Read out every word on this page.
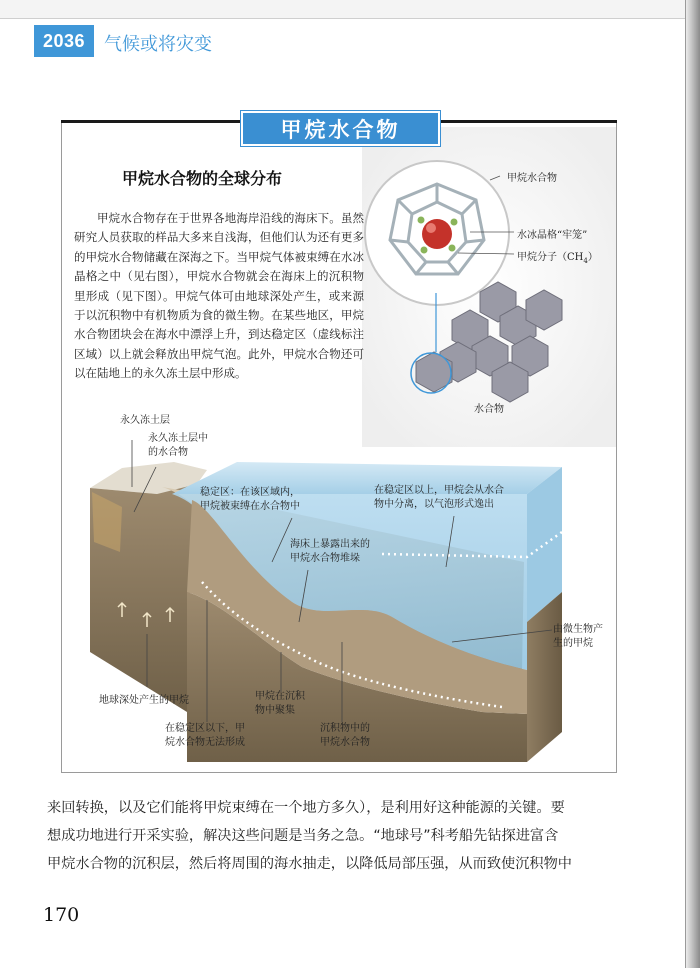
2036	气候或将灾变
甲烷水合物
甲烷水合物的全球分布
甲烷水合物存在于世界各地海岸沿线的海床下。虽然研究人员获取的样品大多来自浅海，但他们认为还有更多的甲烷水合物储藏在深海之下。当甲烷气体被束缚在水冰晶格之中（见右图），甲烷水合物就会在海床上的沉积物里形成（见下图）。甲烷气体可由地球深处产生，或来源于以沉积物中有机物质为食的微生物。在某些地区，甲烷水合物团块会在海水中漂浮上升，到达稳定区（虚线标注区域）以上就会释放出甲烷气泡。此外，甲烷水合物还可以在陆地上的永久冻土层中形成。
甲烷水合物
水冰晶格“牢笼”
甲烷分子$(CH_4)$
水合物
永久冻土层
永久冻土层中
的水合物
稳定区：在该区域内，
甲烷被束缚在水合物中
在稳定区以上，甲烷会从水合
物中分离，以气泡形式逸出
海床上暴露出来的
甲烷水合物堆垛
由微生物产
生的甲烷
地球深处产生的甲烷	甲烷在沉积
物中聚集
在稳定区以下，甲
烷水合物无法形成
沉积物中的
甲烷水合物
来回转换，以及它们能将甲烷束缚在一个地方多久），是利用好这种能源的关键。要
想成功地进行开采实验，解决这些问题是当务之急。“地球号”科考船先钻探进富含
甲烷水合物的沉积层，然后将周围的海水抽走，以降低局部压强，从而致使沉积物中
170
